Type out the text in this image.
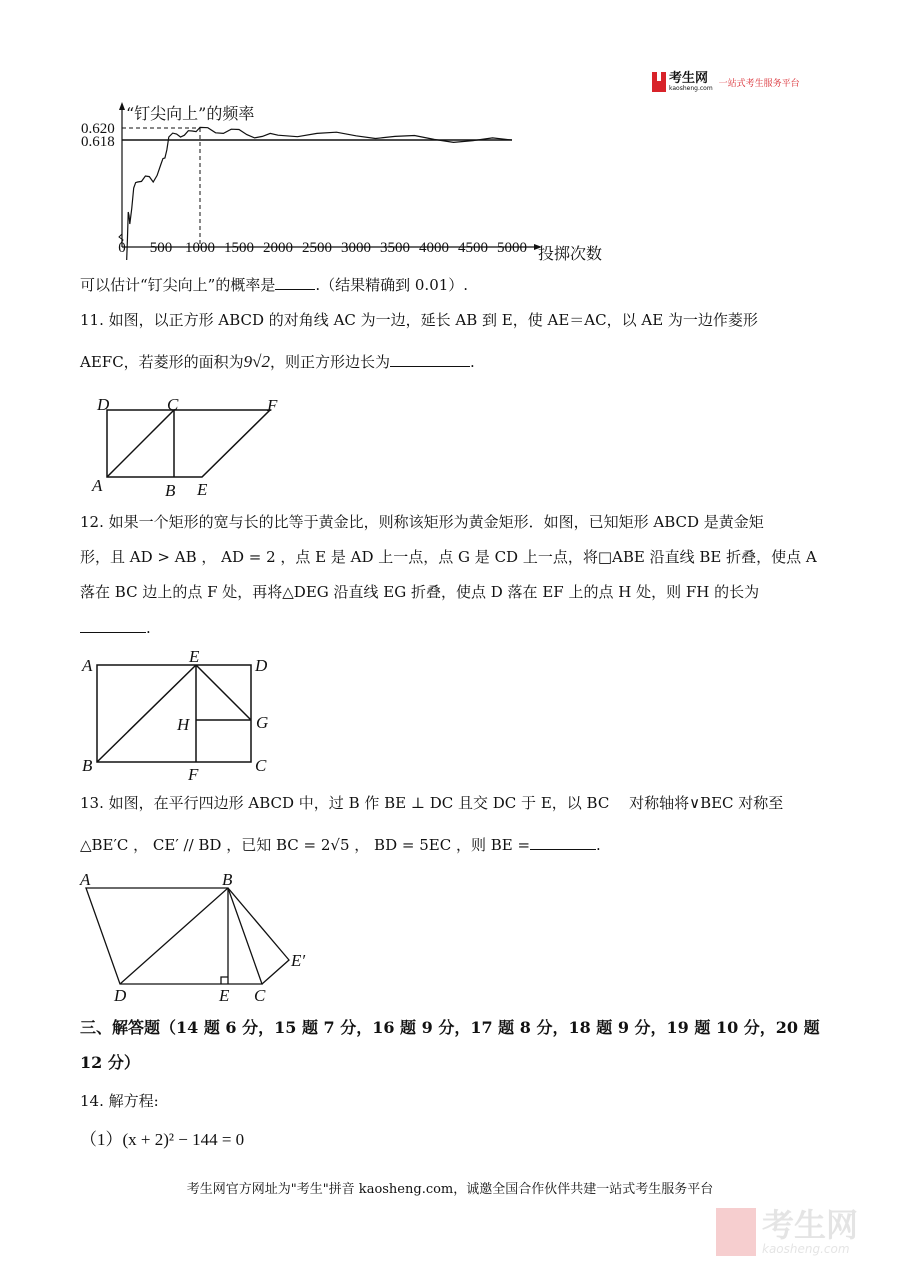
考生网
kaosheng.com 一站式考生服务平台
“钉尖向上”的频率
0.620
0.618
0 500 1000 1500 2000 2500 3000 3500 4000 4500 5000 投掷次数
可以估计“钉尖向上”的概率是	.（结果精确到 0.01）.
11. 如图，以正方形 ABCD 的对角线 AC 为一边，延长 AB 到 E，使 AE＝AC，以 AE 为一边作菱形
AEFC，若菱形的面积为9√2，则正方形边长为	.
D	C	F
A	B E
12. 如果一个矩形的宽与长的比等于黄金比，则称该矩形为黄金矩形．如图，已知矩形 ABCD 是黄金矩
形，且 AD > AB ， AD = 2 ，点 E 是 AD 上一点，点 G 是 CD 上一点，将□ABE 沿直线 BE 折叠，使点 A
落在 BC 边上的点 F 处，再将△DEG 沿直线 EG 折叠，使点 D 落在 EF 上的点 H 处，则 FH 的长为
.
A	E	D
H	G
B	F	C
13. 如图，在平行四边形 ABCD 中，过 B 作 BE ⊥ DC 且交 DC 于 E，以 BC　 对称轴将∨BEC 对称至
△BE′C ， CE′ // BD ，已知 BC = 2√5 ， BD = 5EC ，则 BE =	.
A	B
D	E C
E′
三、解答题（14 题 6 分，15 题 7 分，16 题 9 分，17 题 8 分，18 题 9 分，19 题 10 分，20 题
12 分）
14. 解方程:
（1）(x + 2)² − 144 = 0
考生网官方网址为"考生"拼音 kaosheng.com，诚邀全国合作伙伴共建一站式考生服务平台
考生网
kaosheng.com
